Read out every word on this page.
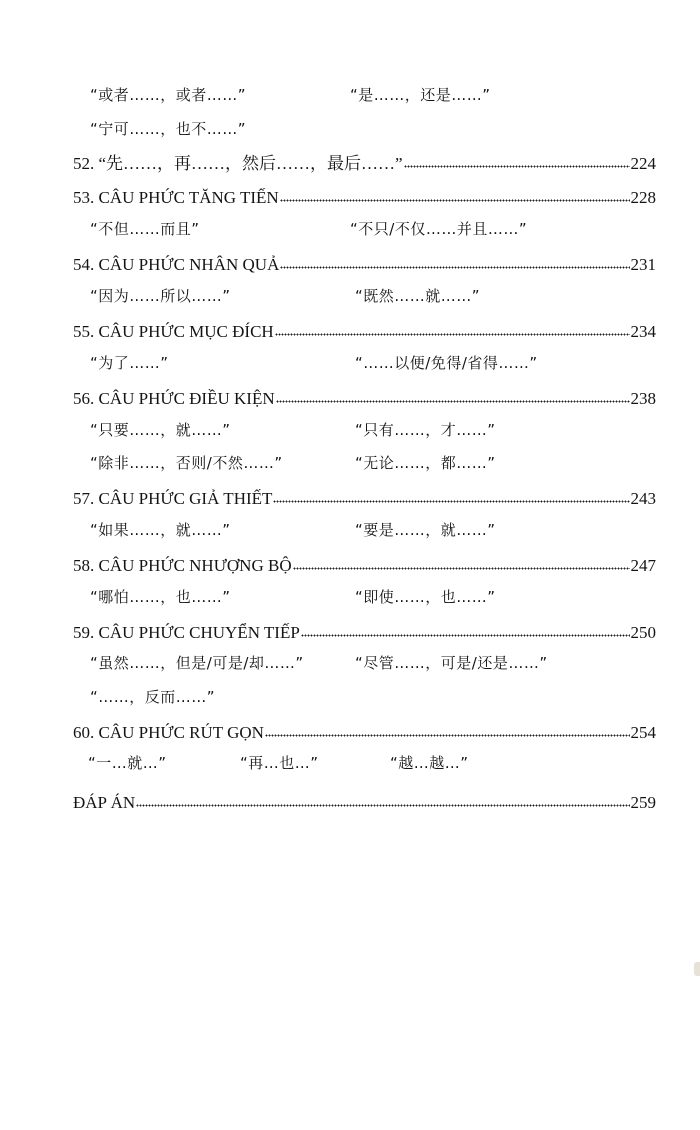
“或者……，或者……”	“是……，还是……”
“宁可……，也不……”
52. “先……，再……，然后……，最后……”	224
53. CÂU PHỨC TĂNG TIẾN	228
“不但……而且”	“不只/不仅……并且……”
54. CÂU PHỨC NHÂN QUẢ	231
“因为……所以……”	“既然……就……”
55. CÂU PHỨC MỤC ĐÍCH	234
“为了……”	“……以便/免得/省得……”
56. CÂU PHỨC ĐIỀU KIỆN	238
“只要……，就……”	“只有……，才……”
“除非……，否则/不然……”	“无论……，都……”
57. CÂU PHỨC GIẢ THIẾT	243
“如果……，就……”	“要是……，就……”
58. CÂU PHỨC NHƯỢNG BỘ	247
“哪怕……，也……”	“即使……，也……”
59. CÂU PHỨC CHUYỂN TIẾP	250
“虽然……，但是/可是/却……”	“尽管……，可是/还是……”
“……，反而……”
60. CÂU PHỨC RÚT GỌN	254
“一…就…”	“再…也…”	“越…越…”
ĐÁP ÁN	259
